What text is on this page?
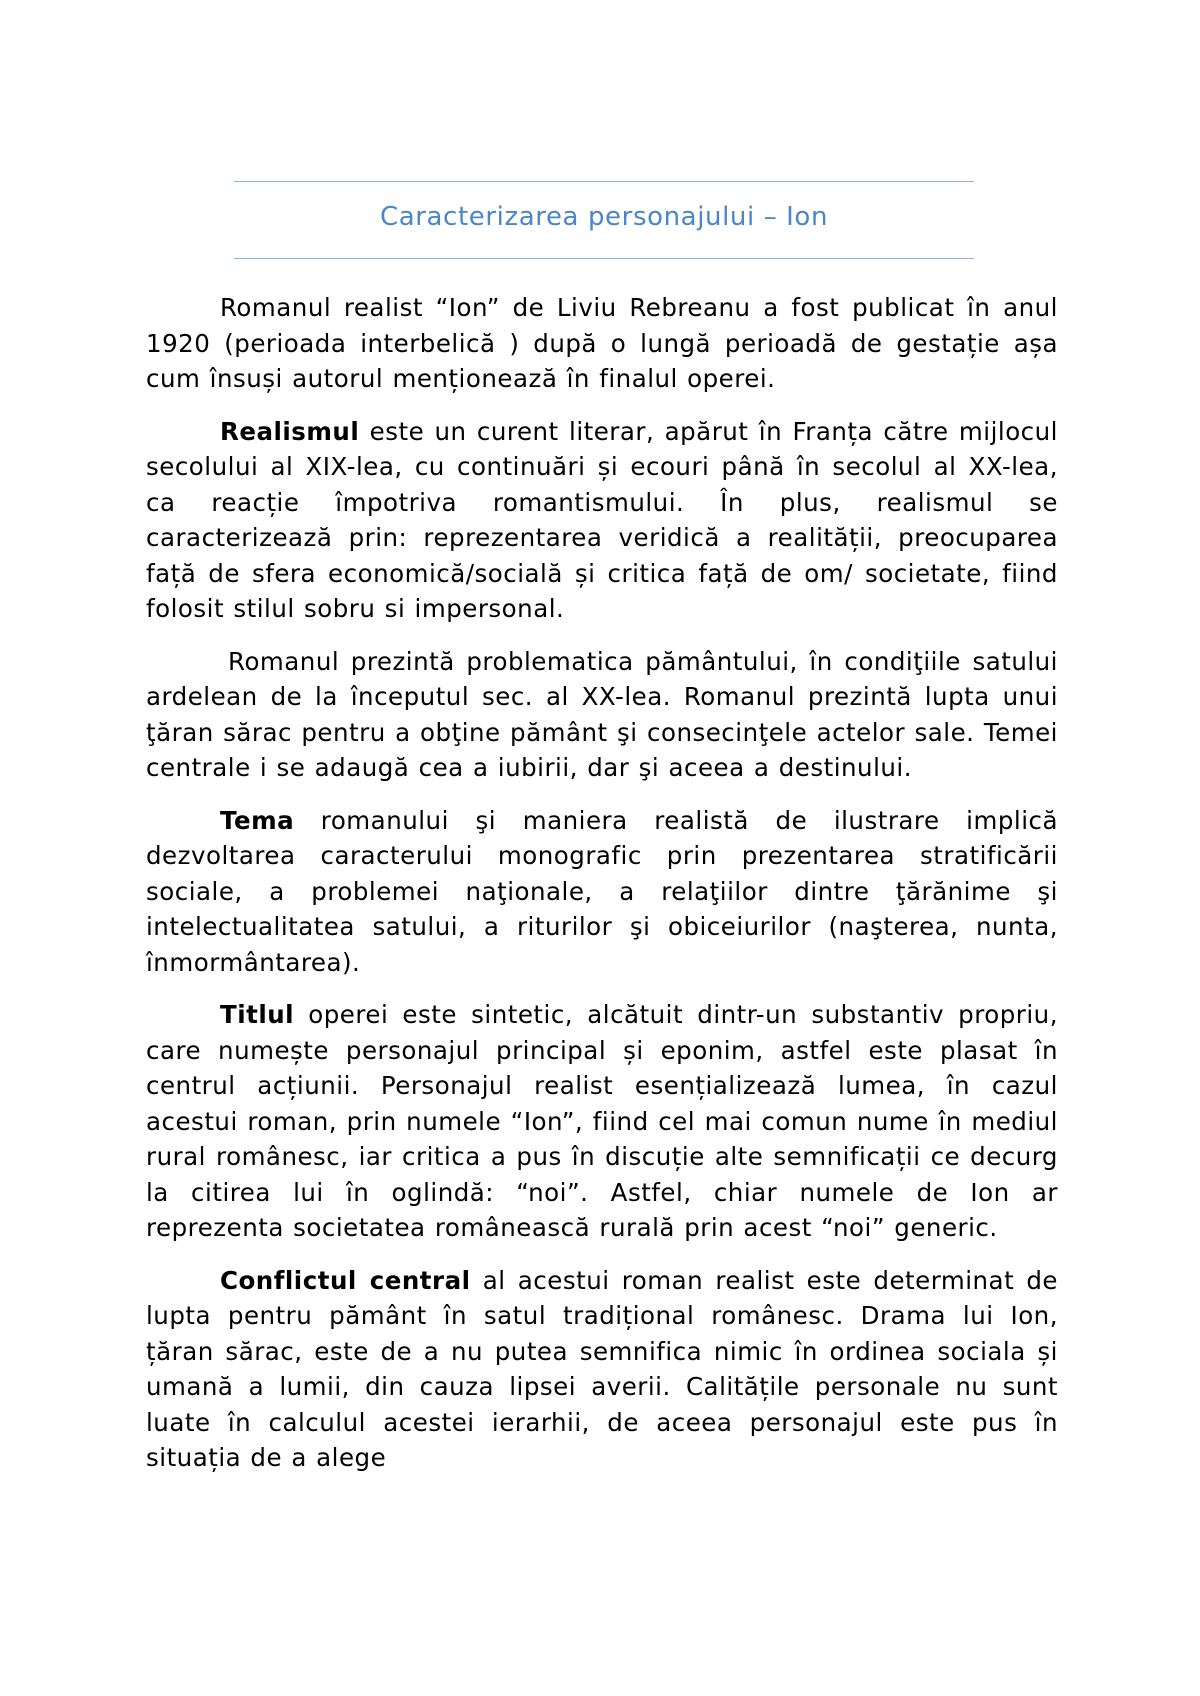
Caracterizarea personajului – Ion

Romanul realist “Ion” de Liviu Rebreanu a fost publicat în anul 1920 (perioada interbelică ) după o lungă perioadă de gestație așa cum însuși autorul menționează în finalul operei.

Realismul este un curent literar, apărut în Franța către mijlocul secolului al XIX-lea, cu continuări și ecouri până în secolul al XX-lea, ca reacție împotriva romantismului. În plus, realismul se caracterizează prin: reprezentarea veridică a realității, preocuparea față de sfera economică/socială și critica față de om/ societate, fiind folosit stilul sobru si impersonal.

Romanul prezintă problematica pământului, în condiţiile satului ardelean de la începutul sec. al XX-lea. Romanul prezintă lupta unui ţăran sărac pentru a obţine pământ şi consecinţele actelor sale. Temei centrale i se adaugă cea a iubirii, dar şi aceea a destinului.

Tema romanului şi maniera realistă de ilustrare implică dezvoltarea caracterului monografic prin prezentarea stratificării sociale, a problemei naţionale, a relaţiilor dintre ţărănime şi intelectualitatea satului, a riturilor şi obiceiurilor (naşterea, nunta, înmormântarea).

Titlul operei este sintetic, alcătuit dintr-un substantiv propriu, care numește personajul principal și eponim, astfel este plasat în centrul acțiunii. Personajul realist esențializează lumea, în cazul acestui roman, prin numele “Ion”, fiind cel mai comun nume în mediul rural românesc, iar critica a pus în discuție alte semnificații ce decurg la citirea lui în oglindă: “noi”. Astfel, chiar numele de Ion ar reprezenta societatea românească rurală prin acest “noi” generic.

Conflictul central al acestui roman realist este determinat de lupta pentru pământ în satul tradițional românesc. Drama lui Ion, țăran sărac, este de a nu putea semnifica nimic în ordinea sociala și umană a lumii, din cauza lipsei averii. Calitățile personale nu sunt luate în calculul acestei ierarhii, de aceea personajul este pus în situația de a alege
